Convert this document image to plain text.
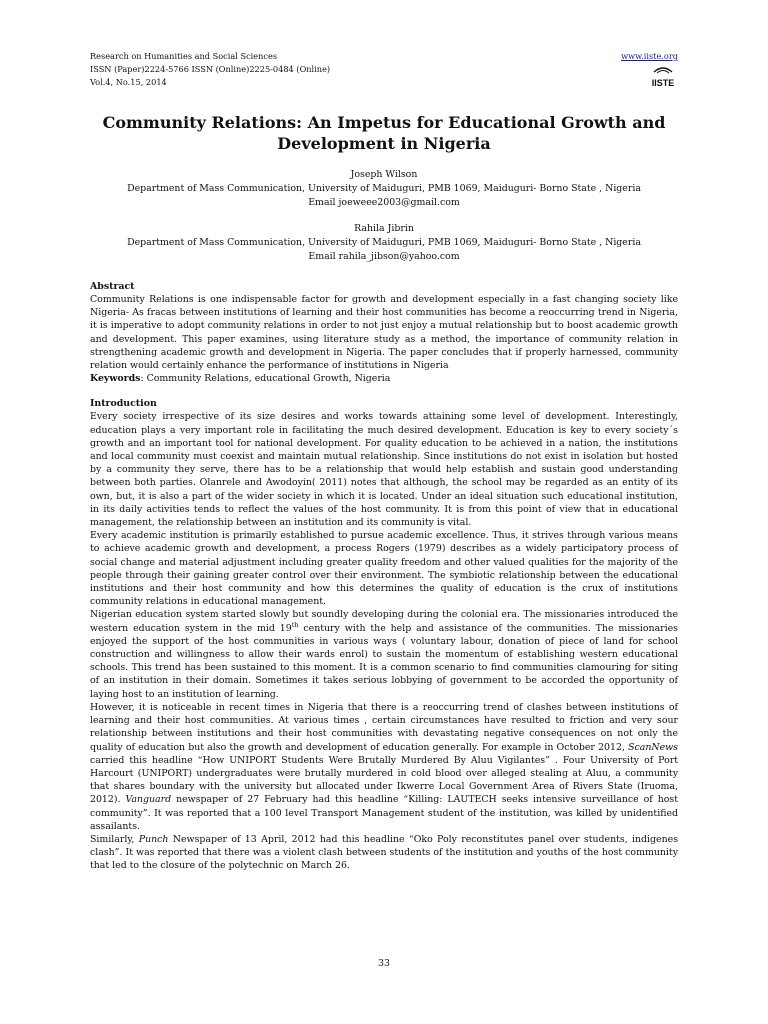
Research on Humanities and Social Sciences
ISSN (Paper)2224-5766 ISSN (Online)2225-0484 (Online)
Vol.4, No.15, 2014
www.iiste.org
IISTE
Community Relations: An Impetus for Educational Growth and Development in Nigeria
Joseph Wilson
Department of Mass Communication, University of Maiduguri, PMB 1069, Maiduguri- Borno State , Nigeria
Email joeweee2003@gmail.com
Rahila Jibrin
Department of Mass Communication, University of Maiduguri, PMB 1069, Maiduguri- Borno State , Nigeria
Email rahila_jibson@yahoo.com
Abstract

Community Relations is one indispensable factor for growth and development especially in a fast changing society like Nigeria- As fracas between institutions of learning and their host communities has become a reoccurring trend in Nigeria, it is imperative to adopt community relations in order to not just enjoy a mutual relationship but to boost academic growth and development. This paper examines, using literature study as a method, the importance of community relation in strengthening academic growth and development in Nigeria. The paper concludes that if properly harnessed, community relation would certainly enhance the performance of institutions in Nigeria

Keywords: Community Relations, educational Growth, Nigeria
Introduction

Every society irrespective of its size desires and works towards attaining some level of development. Interestingly, education plays a very important role in facilitating the much desired development. Education is key to every society´s growth and an important tool for national development. For quality education to be achieved in a nation, the institutions and local community must coexist and maintain mutual relationship. Since institutions do not exist in isolation but hosted by a community they serve, there has to be a relationship that would help establish and sustain good understanding between both parties. Olanrele and Awodoyin( 2011) notes that although, the school may be regarded as an entity of its own, but, it is also a part of the wider society in which it is located. Under an ideal situation such educational institution, in its daily activities tends to reflect the values of the host community. It is from this point of view that in educational management, the relationship between an institution and its community is vital.

Every academic institution is primarily established to pursue academic excellence. Thus, it strives through various means to achieve academic growth and development, a process Rogers (1979) describes as a widely participatory process of social change and material adjustment including greater quality freedom and other valued qualities for the majority of the people through their gaining greater control over their environment. The symbiotic relationship between the educational institutions and their host community and how this determines the quality of education is the crux of institutions community relations in educational management.

Nigerian education system started slowly but soundly developing during the colonial era. The missionaries introduced the western education system in the mid 19th century with the help and assistance of the communities. The missionaries enjoyed the support of the host communities in various ways ( voluntary labour, donation of piece of land for school construction and willingness to allow their wards enrol) to sustain the momentum of establishing western educational schools. This trend has been sustained to this moment. It is a common scenario to find communities clamouring for siting of an institution in their domain. Sometimes it takes serious lobbying of government to be accorded the opportunity of laying host to an institution of learning.

However, it is noticeable in recent times in Nigeria that there is a reoccurring trend of clashes between institutions of learning and their host communities. At various times , certain circumstances have resulted to friction and very sour relationship between institutions and their host communities with devastating negative consequences on not only the quality of education but also the growth and development of education generally. For example in October 2012, ScanNews carried this headline “How UNIPORT Students Were Brutally Murdered By Aluu Vigilantes” . Four University of Port Harcourt (UNIPORT) undergraduates were brutally murdered in cold blood over alleged stealing at Aluu, a community that shares boundary with the university but allocated under Ikwerre Local Government Area of Rivers State (Iruoma, 2012). Vanguard newspaper of 27 February had this headline “Killing: LAUTECH seeks intensive surveillance of host community”. It was reported that a 100 level Transport Management student of the institution, was killed by unidentified assailants.

Similarly, Punch Newspaper of 13 April, 2012 had this headline “Oko Poly reconstitutes panel over students, indigenes clash”. It was reported that there was a violent clash between students of the institution and youths of the host community that led to the closure of the polytechnic on March 26.

33
